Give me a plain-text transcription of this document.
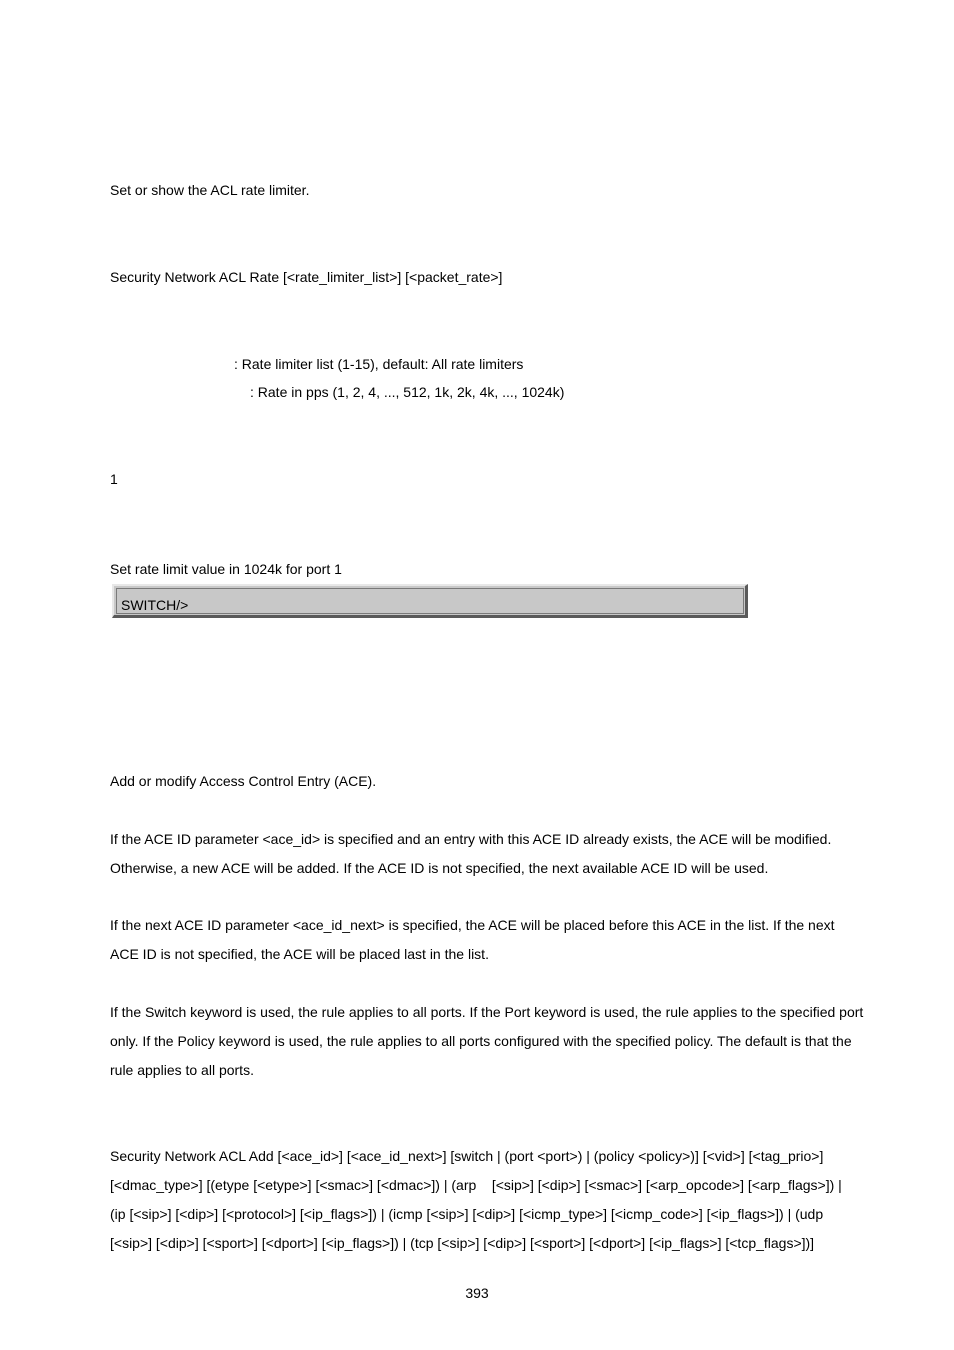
Set or show the ACL rate limiter.
Security Network ACL Rate [<rate_limiter_list>] [<packet_rate>]
: Rate limiter list (1-15), default: All rate limiters
: Rate in pps (1, 2, 4, ..., 512, 1k, 2k, 4k, ..., 1024k)
1
Set rate limit value in 1024k for port 1
SWITCH/>
Add or modify Access Control Entry (ACE).
If the ACE ID parameter <ace_id> is specified and an entry with this ACE ID already exists, the ACE will be modified.
Otherwise, a new ACE will be added. If the ACE ID is not specified, the next available ACE ID will be used.
If the next ACE ID parameter <ace_id_next> is specified, the ACE will be placed before this ACE in the list. If the next
ACE ID is not specified, the ACE will be placed last in the list.
If the Switch keyword is used, the rule applies to all ports. If the Port keyword is used, the rule applies to the specified port
only. If the Policy keyword is used, the rule applies to all ports configured with the specified policy. The default is that the
rule applies to all ports.
Security Network ACL Add [<ace_id>] [<ace_id_next>] [switch | (port <port>) | (policy <policy>)] [<vid>] [<tag_prio>]
[<dmac_type>] [(etype [<etype>] [<smac>] [<dmac>]) | (arp    [<sip>] [<dip>] [<smac>] [<arp_opcode>] [<arp_flags>]) |
(ip [<sip>] [<dip>] [<protocol>] [<ip_flags>]) | (icmp [<sip>] [<dip>] [<icmp_type>] [<icmp_code>] [<ip_flags>]) | (udp
[<sip>] [<dip>] [<sport>] [<dport>] [<ip_flags>]) | (tcp [<sip>] [<dip>] [<sport>] [<dport>] [<ip_flags>] [<tcp_flags>])]
393
